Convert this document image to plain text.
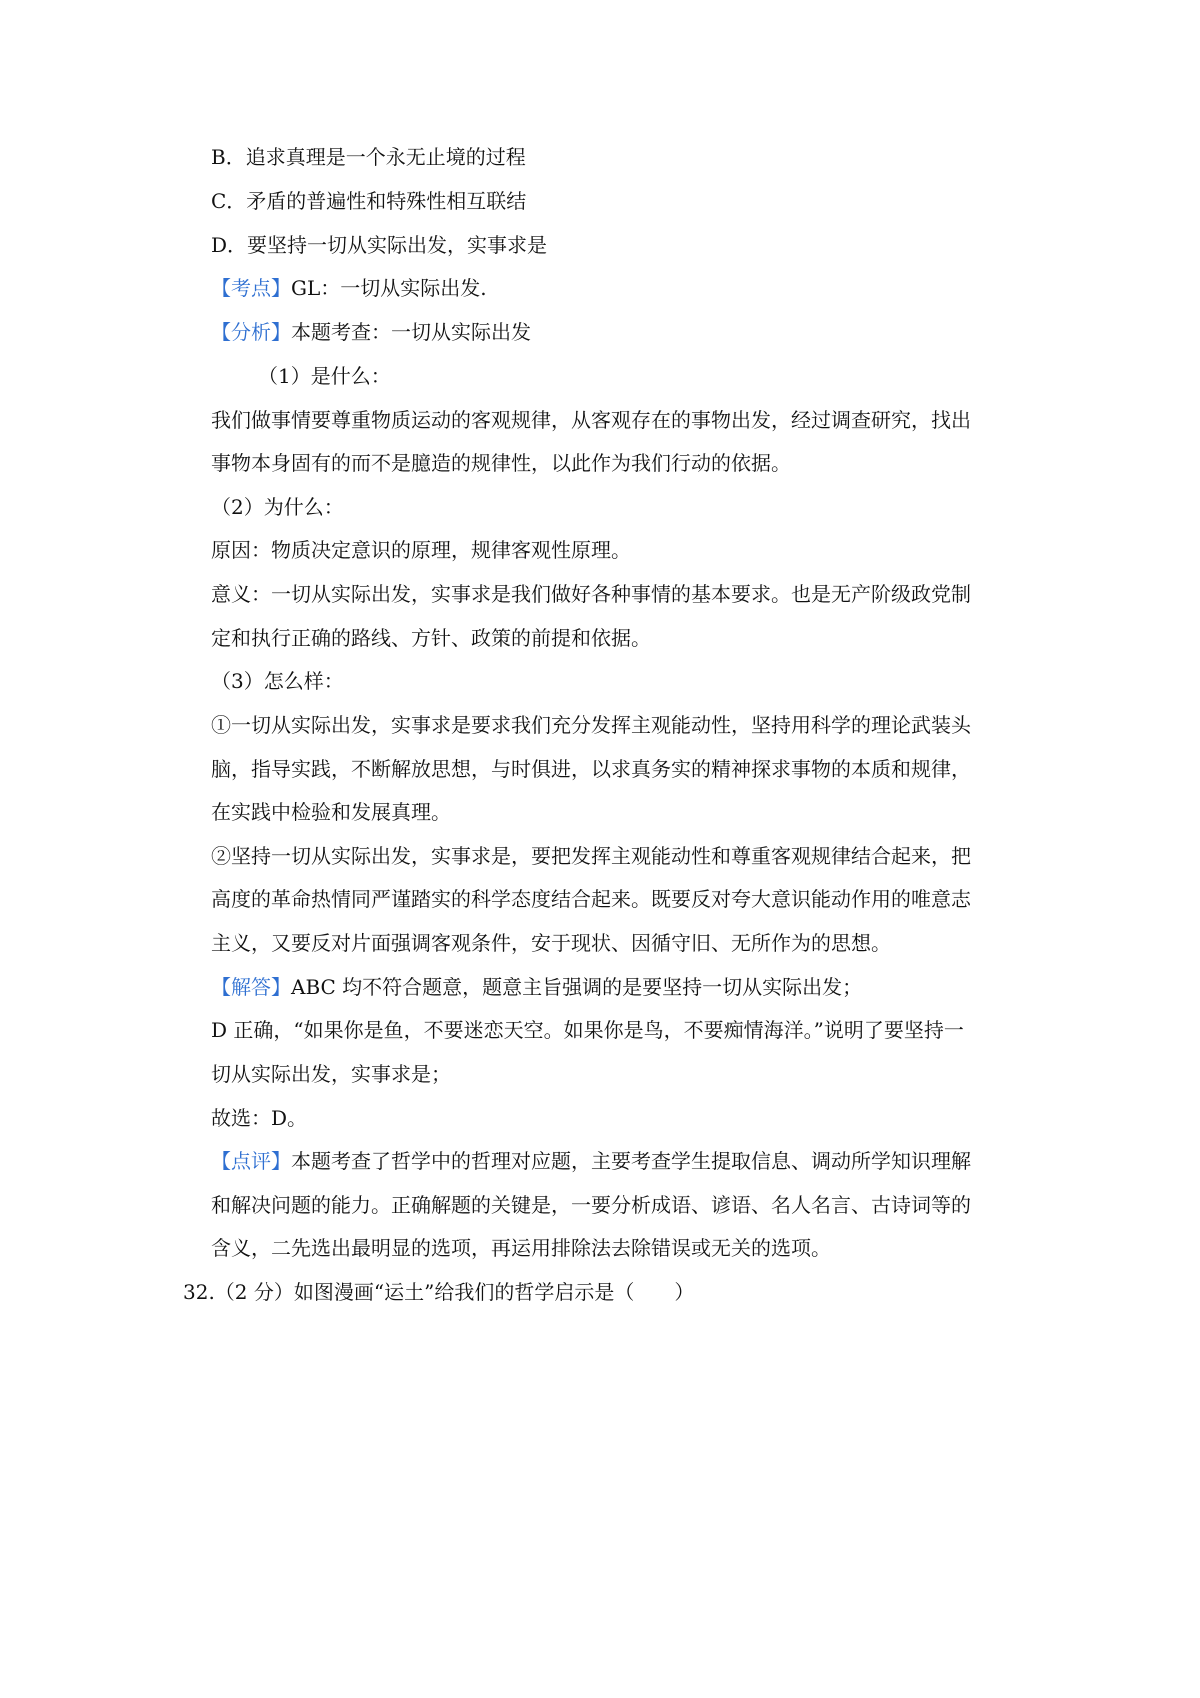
B．追求真理是一个永无止境的过程
C．矛盾的普遍性和特殊性相互联结
D．要坚持一切从实际出发，实事求是
【考点】GL：一切从实际出发.
【分析】本题考查：一切从实际出发
（1）是什么：
我们做事情要尊重物质运动的客观规律，从客观存在的事物出发，经过调查研究，找出
事物本身固有的而不是臆造的规律性，以此作为我们行动的依据。
（2）为什么：
原因：物质决定意识的原理，规律客观性原理。
意义：一切从实际出发，实事求是我们做好各种事情的基本要求。也是无产阶级政党制
定和执行正确的路线、方针、政策的前提和依据。
（3）怎么样：
①一切从实际出发，实事求是要求我们充分发挥主观能动性，坚持用科学的理论武装头
脑，指导实践，不断解放思想，与时俱进，以求真务实的精神探求事物的本质和规律，
在实践中检验和发展真理。
②坚持一切从实际出发，实事求是，要把发挥主观能动性和尊重客观规律结合起来，把
高度的革命热情同严谨踏实的科学态度结合起来。既要反对夸大意识能动作用的唯意志
主义，又要反对片面强调客观条件，安于现状、因循守旧、无所作为的思想。
【解答】ABC 均不符合题意，题意主旨强调的是要坚持一切从实际出发；
D 正确，“如果你是鱼，不要迷恋天空。如果你是鸟，不要痴情海洋。”说明了要坚持一
切从实际出发，实事求是；
故选：D。
【点评】本题考查了哲学中的哲理对应题，主要考查学生提取信息、调动所学知识理解
和解决问题的能力。正确解题的关键是，一要分析成语、谚语、名人名言、古诗词等的
含义，二先选出最明显的选项，再运用排除法去除错误或无关的选项。
32.（2 分）如图漫画“运土”给我们的哲学启示是（　　）
